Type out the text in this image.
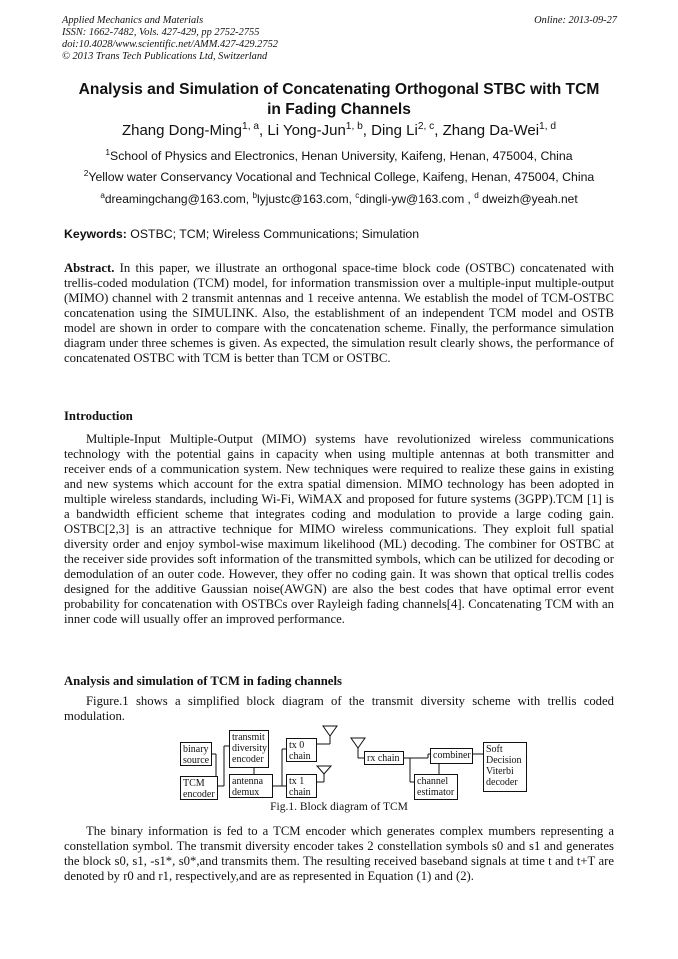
Applied Mechanics and Materials
ISSN: 1662-7482, Vols. 427-429, pp 2752-2755
doi:10.4028/www.scientific.net/AMM.427-429.2752
© 2013 Trans Tech Publications Ltd, Switzerland
Online: 2013-09-27
Analysis and Simulation of Concatenating Orthogonal STBC with TCM
in Fading Channels
Zhang Dong-Ming$^{1, a}$, Li Yong-Jun$^{1, b}$, Ding Li$^{2, c}$, Zhang Da-Wei$^{1, d}$
$^1$School of Physics and Electronics, Henan University, Kaifeng, Henan, 475004, China
$^2$Yellow water Conservancy Vocational and Technical College, Kaifeng, Henan, 475004, China
$^a$dreamingchang@163.com, $^b$lyjustc@163.com, $^c$dingli-yw@163.com , $^d$ dweizh@yeah.net
Keywords: OSTBC; TCM; Wireless Communications; Simulation
Abstract. In this paper, we illustrate an orthogonal space-time block code (OSTBC) concatenated with trellis-coded modulation (TCM) model, for information transmission over a multiple-input multiple-output (MIMO) channel with 2 transmit antennas and 1 receive antenna. We establish the model of TCM-OSTBC concatenation using the SIMULINK. Also, the establishment of an independent TCM model and OSTB model are shown in order to compare with the concatenation scheme. Finally, the performance simulation diagram under three schemes is given. As expected, the simulation result clearly shows, the performance of concatenated OSTBC with TCM is better than TCM or OSTBC.
Introduction
Multiple-Input Multiple-Output (MIMO) systems have revolutionized wireless communications technology with the potential gains in capacity when using multiple antennas at both transmitter and receiver ends of a communication system. New techniques were required to realize these gains in existing and new systems which account for the extra spatial dimension. MIMO technology has been adopted in multiple wireless standards, including Wi-Fi, WiMAX and proposed for future systems (3GPP).TCM [1] is a bandwidth efficient scheme that integrates coding and modulation to provide a large coding gain. OSTBC[2,3] is an attractive technique for MIMO wireless communications. They exploit full spatial diversity order and enjoy symbol-wise maximum likelihood (ML) decoding. The combiner for OSTBC at the receiver side provides soft information of the transmitted symbols, which can be utilized for decoding or demodulation of an outer code. However, they offer no coding gain. It was shown that optical trellis codes designed for the additive Gaussian noise(AWGN) are also the best codes that have optimal error event probability for concatenation with OSTBCs over Rayleigh fading channels[4]. Concatenating TCM with an inner code will usually offer an improved performance.
Analysis and simulation of TCM in fading channels
Figure.1 shows a simplified block diagram of the transmit diversity scheme with trellis coded modulation.
binary source
TCM encoder
transmit diversity encoder
antenna demux
tx 0 chain
tx 1 chain
rx chain	combiner
channel estimator
Soft Decision Viterbi decoder
Fig.1. Block diagram of TCM
The binary information is fed to a TCM encoder which generates complex mumbers representing a constellation symbol. The transmit diversity encoder takes 2 constellation symbols s0 and s1 and generates the block s0, s1, -s1*, s0*,and transmits them. The resulting received baseband signals at time t and t+T are denoted by r0 and r1, respectively,and are as represented in Equation (1) and (2).
